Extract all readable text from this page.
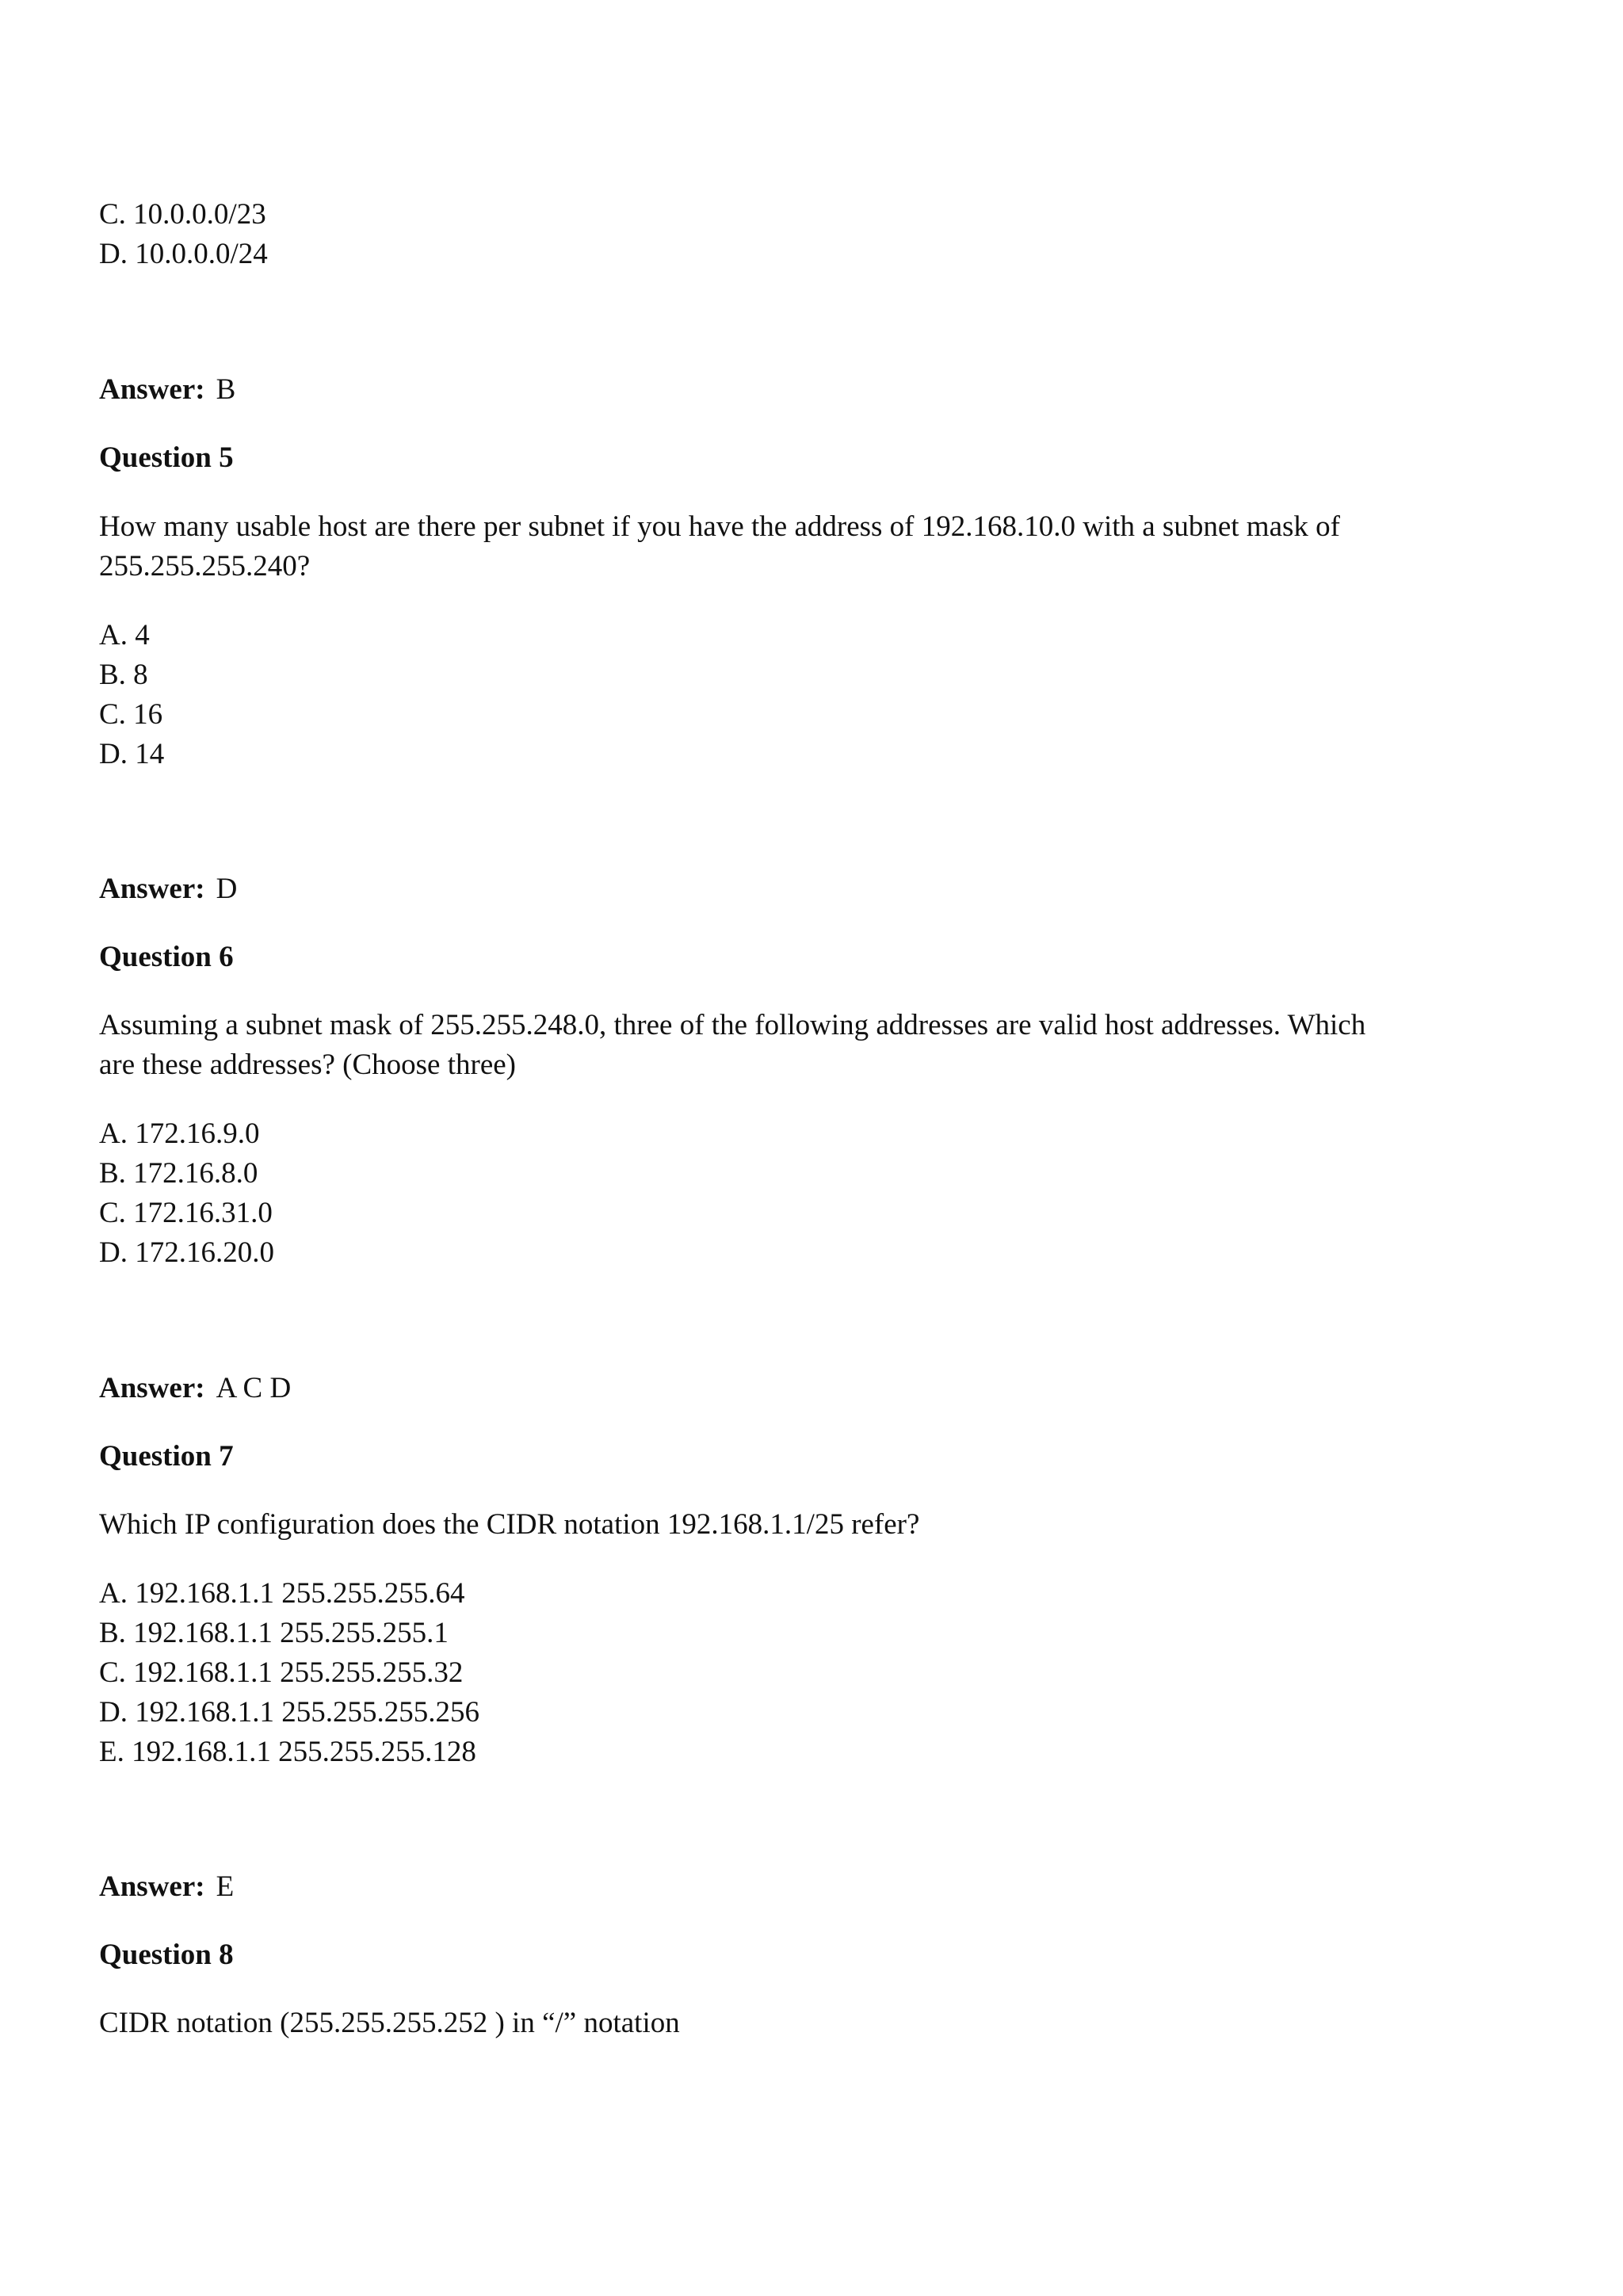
C. 10.0.0.0/23
D. 10.0.0.0/24
Answer: B
Question 5
How many usable host are there per subnet if you have the address of 192.168.10.0 with a subnet mask of
255.255.255.240?
A. 4
B. 8
C. 16
D. 14
Answer: D
Question 6
Assuming a subnet mask of 255.255.248.0, three of the following addresses are valid host addresses. Which
are these addresses? (Choose three)
A. 172.16.9.0
B. 172.16.8.0
C. 172.16.31.0
D. 172.16.20.0
Answer: A C D
Question 7
Which IP configuration does the CIDR notation 192.168.1.1/25 refer?
A. 192.168.1.1 255.255.255.64
B. 192.168.1.1 255.255.255.1
C. 192.168.1.1 255.255.255.32
D. 192.168.1.1 255.255.255.256
E. 192.168.1.1 255.255.255.128
Answer: E
Question 8
CIDR notation (255.255.255.252 ) in “/” notation
